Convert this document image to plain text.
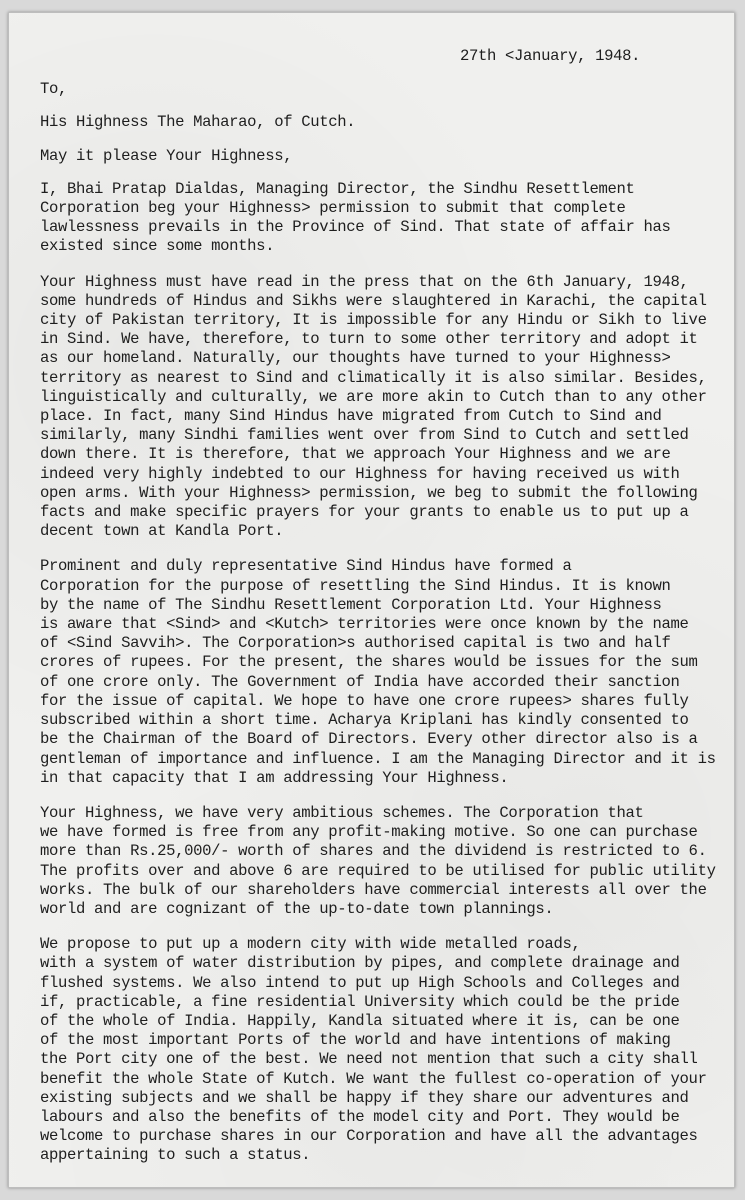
27th <January, 1948.

To,

His Highness The Maharao, of Cutch.

May it please Your Highness,

I, Bhai Pratap Dialdas, Managing Director, the Sindhu Resettlement
Corporation beg your Highness> permission to submit that complete
lawlessness prevails in the Province of Sind. That state of affair has
existed since some months.

Your Highness must have read in the press that on the 6th January, 1948,
some hundreds of Hindus and Sikhs were slaughtered in Karachi, the capital
city of Pakistan territory, It is impossible for any Hindu or Sikh to live
in Sind. We have, therefore, to turn to some other territory and adopt it
as our homeland. Naturally, our thoughts have turned to your Highness>
territory as nearest to Sind and climatically it is also similar. Besides,
linguistically and culturally, we are more akin to Cutch than to any other
place. In fact, many Sind Hindus have migrated from Cutch to Sind and
similarly, many Sindhi families went over from Sind to Cutch and settled
down there. It is therefore, that we approach Your Highness and we are
indeed very highly indebted to our Highness for having received us with
open arms. With your Highness> permission, we beg to submit the following
facts and make specific prayers for your grants to enable us to put up a
decent town at Kandla Port.

Prominent and duly representative Sind Hindus have formed a
Corporation for the purpose of resettling the Sind Hindus. It is known
by the name of The Sindhu Resettlement Corporation Ltd. Your Highness
is aware that <Sind> and <Kutch> territories were once known by the name
of <Sind Savvih>. The Corporation>s authorised capital is two and half
crores of rupees. For the present, the shares would be issues for the sum
of one crore only. The Government of India have accorded their sanction
for the issue of capital. We hope to have one crore rupees> shares fully
subscribed within a short time. Acharya Kriplani has kindly consented to
be the Chairman of the Board of Directors. Every other director also is a
gentleman of importance and influence. I am the Managing Director and it is
in that capacity that I am addressing Your Highness.

Your Highness, we have very ambitious schemes. The Corporation that
we have formed is free from any profit-making motive. So one can purchase
more than Rs.25,000/- worth of shares and the dividend is restricted to 6.
The profits over and above 6 are required to be utilised for public utility
works. The bulk of our shareholders have commercial interests all over the
world and are cognizant of the up-to-date town plannings.

We propose to put up a modern city with wide metalled roads,
with a system of water distribution by pipes, and complete drainage and
flushed systems. We also intend to put up High Schools and Colleges and
if, practicable, a fine residential University which could be the pride
of the whole of India. Happily, Kandla situated where it is, can be one
of the most important Ports of the world and have intentions of making
the Port city one of the best. We need not mention that such a city shall
benefit the whole State of Kutch. We want the fullest co-operation of your
existing subjects and we shall be happy if they share our adventures and
labours and also the benefits of the model city and Port. They would be
welcome to purchase shares in our Corporation and have all the advantages
appertaining to such a status.
